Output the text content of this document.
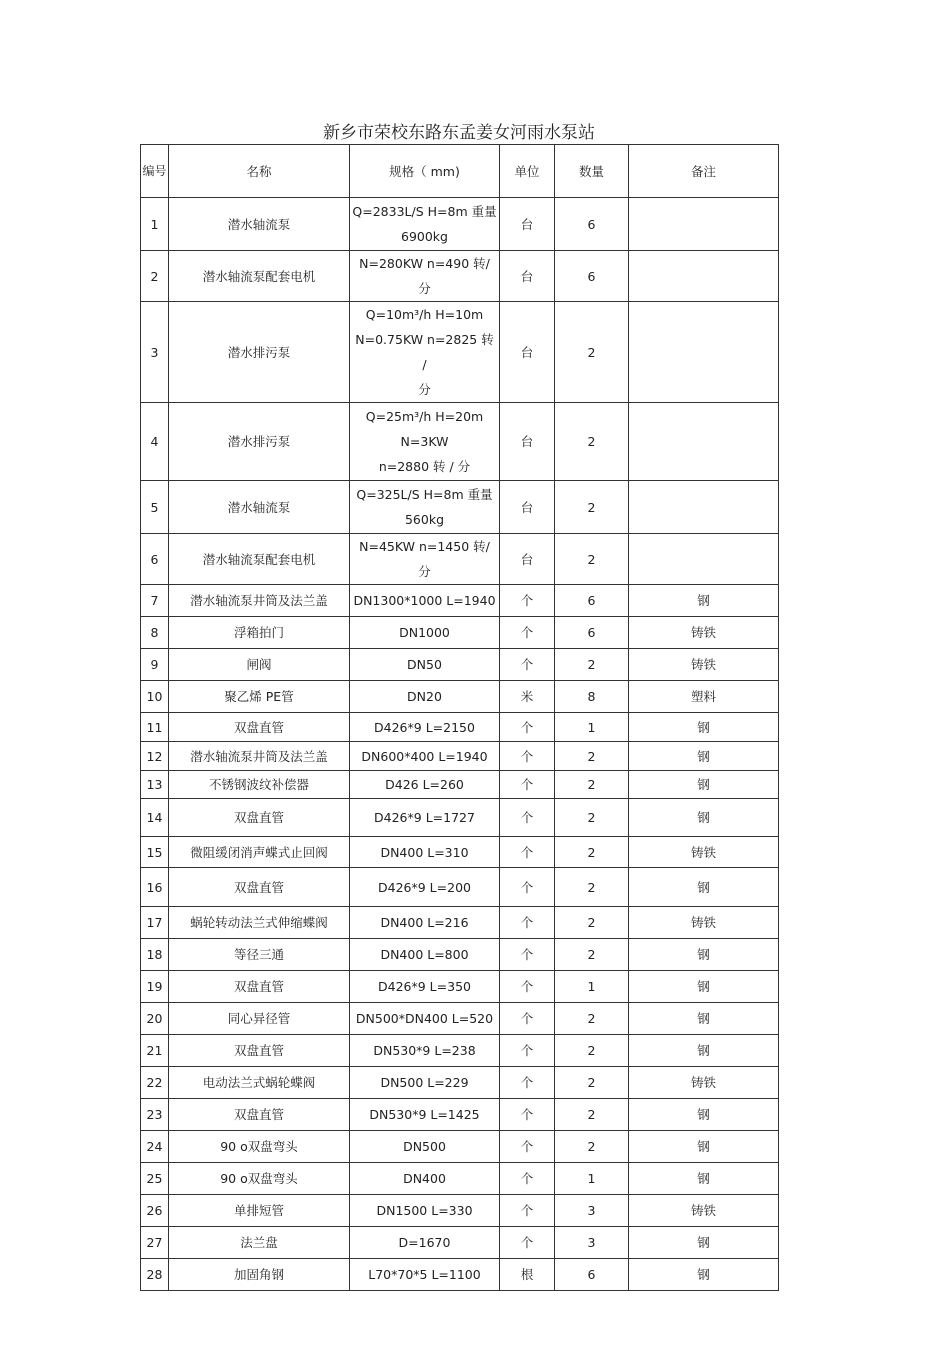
新乡市荣校东路东孟姜女河雨水泵站
编号	名称	规格（ mm)	单位	数量	备注
1	潜水轴流泵	Q=2833L/S H=8m 重量
6900kg	台	6	
2	潜水轴流泵配套电机	N=280KW n=490 转/ 分	台	6	
3	潜水排污泵	Q=10m³/h H=10m
N=0.75KW n=2825 转 /
分	台	2	
4	潜水排污泵	Q=25m³/h H=20m
N=3KW
n=2880 转 / 分	台	2	
5	潜水轴流泵	Q=325L/S H=8m 重量
560kg	台	2	
6	潜水轴流泵配套电机	N=45KW n=1450 转/ 分	台	2	
7	潜水轴流泵井筒及法兰盖	DN1300*1000 L=1940	个	6	钢
8	浮箱拍门	DN1000	个	6	铸铁
9	闸阀	DN50	个	2	铸铁
10	聚乙烯 PE管	DN20	米	8	塑料
11	双盘直管	D426*9 L=2150	个	1	钢
12	潜水轴流泵井筒及法兰盖	DN600*400 L=1940	个	2	钢
13	不锈钢波纹补偿器	D426 L=260	个	2	钢
14	双盘直管	D426*9 L=1727	个	2	钢
15	微阻缓闭消声蝶式止回阀	DN400 L=310	个	2	铸铁
16	双盘直管	D426*9 L=200	个	2	钢
17	蜗轮转动法兰式伸缩蝶阀	DN400 L=216	个	2	铸铁
18	等径三通	DN400 L=800	个	2	钢
19	双盘直管	D426*9 L=350	个	1	钢
20	同心异径管	DN500*DN400 L=520	个	2	钢
21	双盘直管	DN530*9 L=238	个	2	钢
22	电动法兰式蜗轮蝶阀	DN500 L=229	个	2	铸铁
23	双盘直管	DN530*9 L=1425	个	2	钢
24	90 o双盘弯头	DN500	个	2	钢
25	90 o双盘弯头	DN400	个	1	钢
26	单排短管	DN1500 L=330	个	3	铸铁
27	法兰盘	D=1670	个	3	钢
28	加固角钢	L70*70*5 L=1100	根	6	钢
